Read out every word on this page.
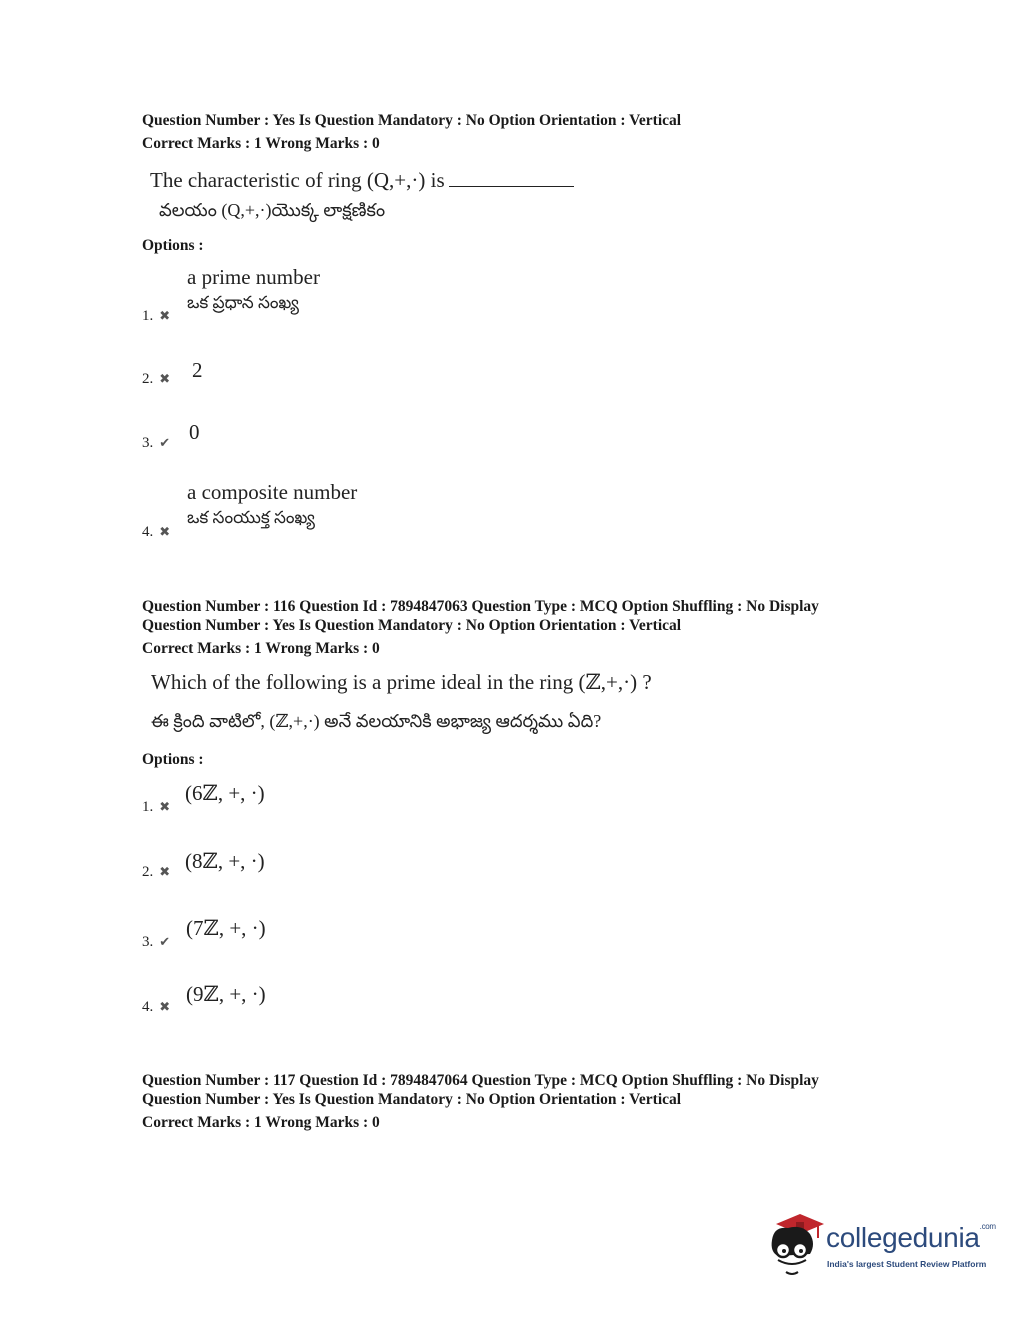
Question Number : Yes Is Question Mandatory : No Option Orientation : Vertical
Correct Marks : 1 Wrong Marks : 0
The characteristic of ring (Q,+,·) is
వలయం (Q,+,·)యొక్క లాక్షణికం
Options :
a prime number
ఒక ప్రధాన సంఖ్య
1. ✖
2
2. ✖
0
3. ✔
a composite number
ఒక సంయుక్త సంఖ్య
4. ✖
Question Number : 116 Question Id : 7894847063 Question Type : MCQ Option Shuffling : No Display
Question Number : Yes Is Question Mandatory : No Option Orientation : Vertical
Correct Marks : 1 Wrong Marks : 0
Which of the following is a prime ideal in the ring (ℤ,+,·) ?
ఈ క్రింది వాటిలో, (ℤ,+,·) అనే వలయానికి అభాజ్య ఆదర్శము ఏది?
Options :
(6ℤ, +, ·)
1. ✖
(8ℤ, +, ·)
2. ✖
(7ℤ, +, ·)
3. ✔
(9ℤ, +, ·)
4. ✖
Question Number : 117 Question Id : 7894847064 Question Type : MCQ Option Shuffling : No Display
Question Number : Yes Is Question Mandatory : No Option Orientation : Vertical
Correct Marks : 1 Wrong Marks : 0
collegedunia$^{.com}$
India's largest Student Review Platform
